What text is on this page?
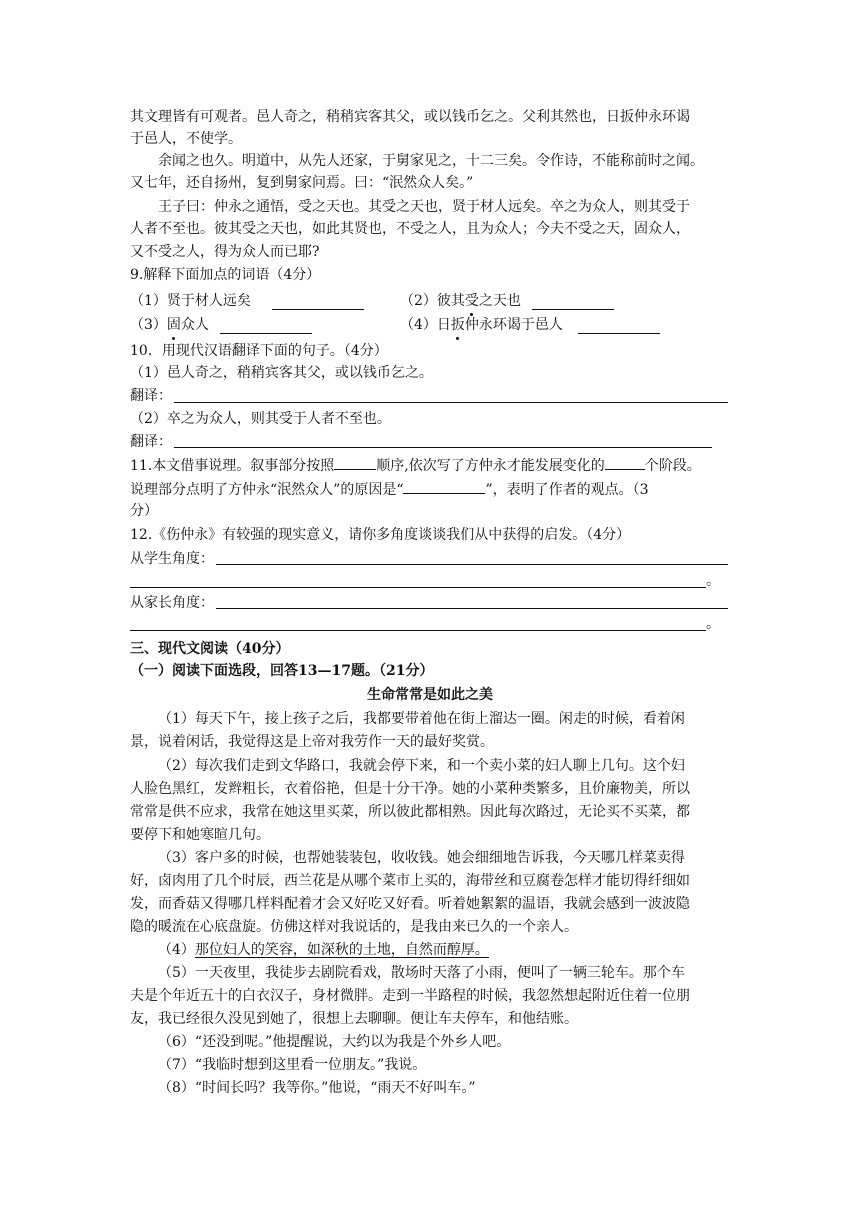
其文理皆有可观者。邑人奇之，稍稍宾客其父，或以钱币乞之。父利其然也，日扳仲永环谒
于邑人，不使学。
余闻之也久。明道中，从先人还家，于舅家见之，十二三矣。令作诗，不能称前时之闻。
又七年，还自扬州，复到舅家问焉。曰：“泯然众人矣。”
王子曰：仲永之通悟，受之天也。其受之天也，贤于材人远矣。卒之为众人，则其受于
人者不至也。彼其受之天也，如此其贤也，不受之人，且为众人；今夫不受之天，固众人，
又不受之人，得为众人而已耶?
9.解释下面加点的词语（4分）
（1）贤于材人远矣	（2）彼其受之天也
（3）固众人	（4）日扳仲永环谒于邑人
10．用现代汉语翻译下面的句子。（4分）
（1）邑人奇之，稍稍宾客其父，或以钱币乞之。
翻译：
（2）卒之为众人，则其受于人者不至也。
翻译：
11.本文借事说理。叙事部分按照	顺序,依次写了方仲永才能发展变化的	个阶段。
说理部分点明了方仲永“泯然众人”的原因是“	”，表明了作者的观点。（3
分）
12.《伤仲永》有较强的现实意义，请你多角度谈谈我们从中获得的启发。（4分）
从学生角度：
。
从家长角度：
。
三、现代文阅读（40分）
（一）阅读下面选段，回答13—17题。（21分）
生命常常是如此之美
（1）每天下午，接上孩子之后，我都要带着他在街上溜达一圈。闲走的时候，看着闲
景，说着闲话，我觉得这是上帝对我劳作一天的最好奖赏。
（2）每次我们走到文华路口，我就会停下来，和一个卖小菜的妇人聊上几句。这个妇
人脸色黑红，发辫粗长，衣着俗艳，但是十分干净。她的小菜种类繁多，且价廉物美，所以
常常是供不应求，我常在她这里买菜，所以彼此都相熟。因此每次路过，无论买不买菜，都
要停下和她寒暄几句。
（3）客户多的时候，也帮她装装包，收收钱。她会细细地告诉我，今天哪几样菜卖得
好，卤肉用了几个时辰，西兰花是从哪个菜市上买的，海带丝和豆腐卷怎样才能切得纤细如
发，而香菇又得哪几样料配着才会又好吃又好看。听着她絮絮的温语，我就会感到一波波隐
隐的暖流在心底盘旋。仿佛这样对我说话的，是我由来已久的一个亲人。
（4）那位妇人的笑容，如深秋的土地，自然而醇厚。
（5）一天夜里，我徒步去剧院看戏，散场时天落了小雨，便叫了一辆三轮车。那个车
夫是个年近五十的白衣汉子，身材微胖。走到一半路程的时候，我忽然想起附近住着一位朋
友，我已经很久没见到她了，很想上去聊聊。便让车夫停车，和他结账。
（6）“还没到呢。”他提醒说，大约以为我是个外乡人吧。
（7）“我临时想到这里看一位朋友。”我说。
（8）“时间长吗？我等你。”他说，“雨天不好叫车。”
